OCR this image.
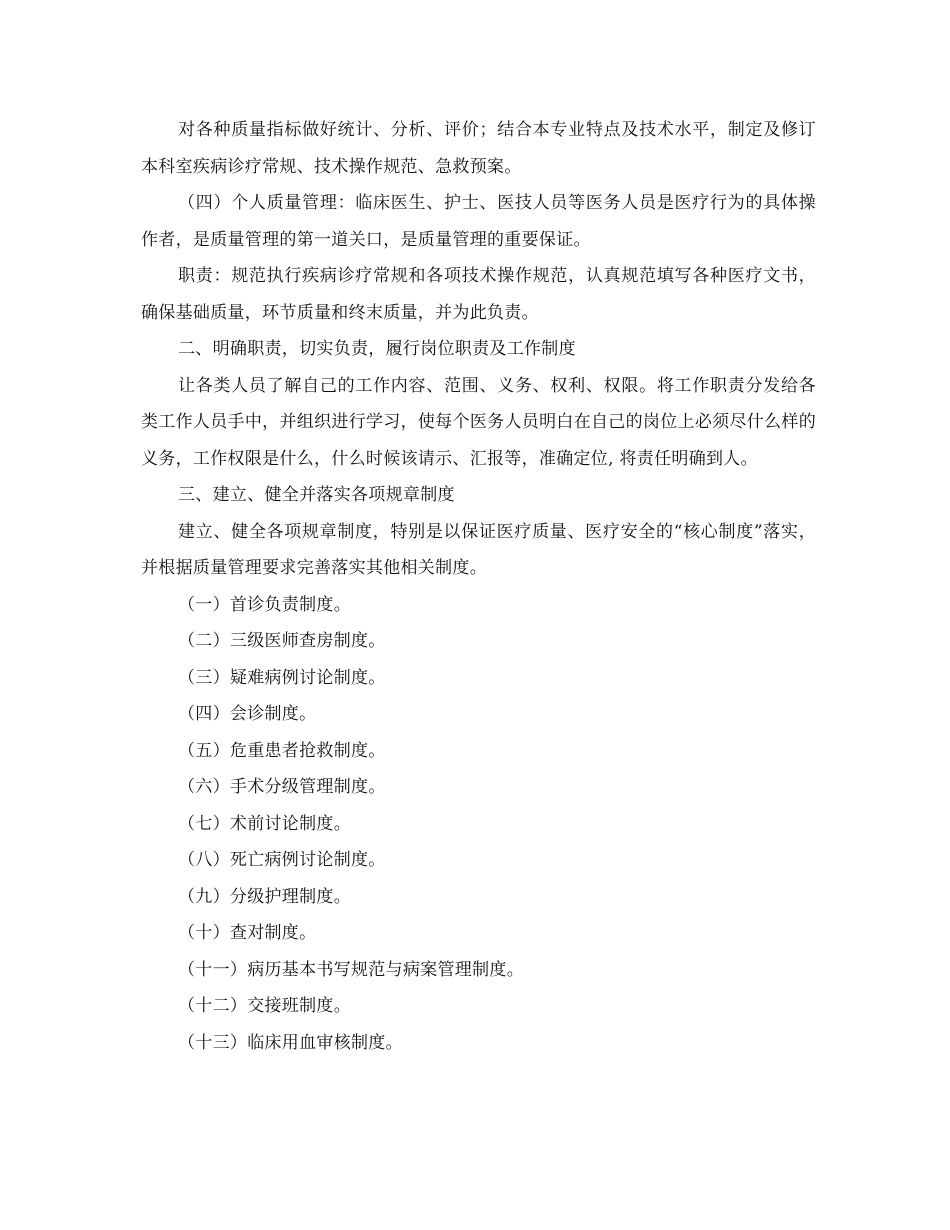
对各种质量指标做好统计、分析、评价；结合本专业特点及技术水平，制定及修订本科室疾病诊疗常规、技术操作规范、急救预案。

（四）个人质量管理：临床医生、护士、医技人员等医务人员是医疗行为的具体操作者，是质量管理的第一道关口，是质量管理的重要保证。

职责：规范执行疾病诊疗常规和各项技术操作规范，认真规范填写各种医疗文书，确保基础质量，环节质量和终末质量，并为此负责。

二、明确职责，切实负责，履行岗位职责及工作制度

让各类人员了解自己的工作内容、范围、义务、权利、权限。将工作职责分发给各类工作人员手中，并组织进行学习，使每个医务人员明白在自己的岗位上必须尽什么样的义务，工作权限是什么，什么时候该请示、汇报等，准确定位, 将责任明确到人。

三、建立、健全并落实各项规章制度

建立、健全各项规章制度，特别是以保证医疗质量、医疗安全的“核心制度”落实，并根据质量管理要求完善落实其他相关制度。

（一）首诊负责制度。

（二）三级医师查房制度。

（三）疑难病例讨论制度。

（四）会诊制度。

（五）危重患者抢救制度。

（六）手术分级管理制度。

（七）术前讨论制度。

（八）死亡病例讨论制度。

（九）分级护理制度。

（十）查对制度。

（十一）病历基本书写规范与病案管理制度。

（十二）交接班制度。

（十三）临床用血审核制度。
